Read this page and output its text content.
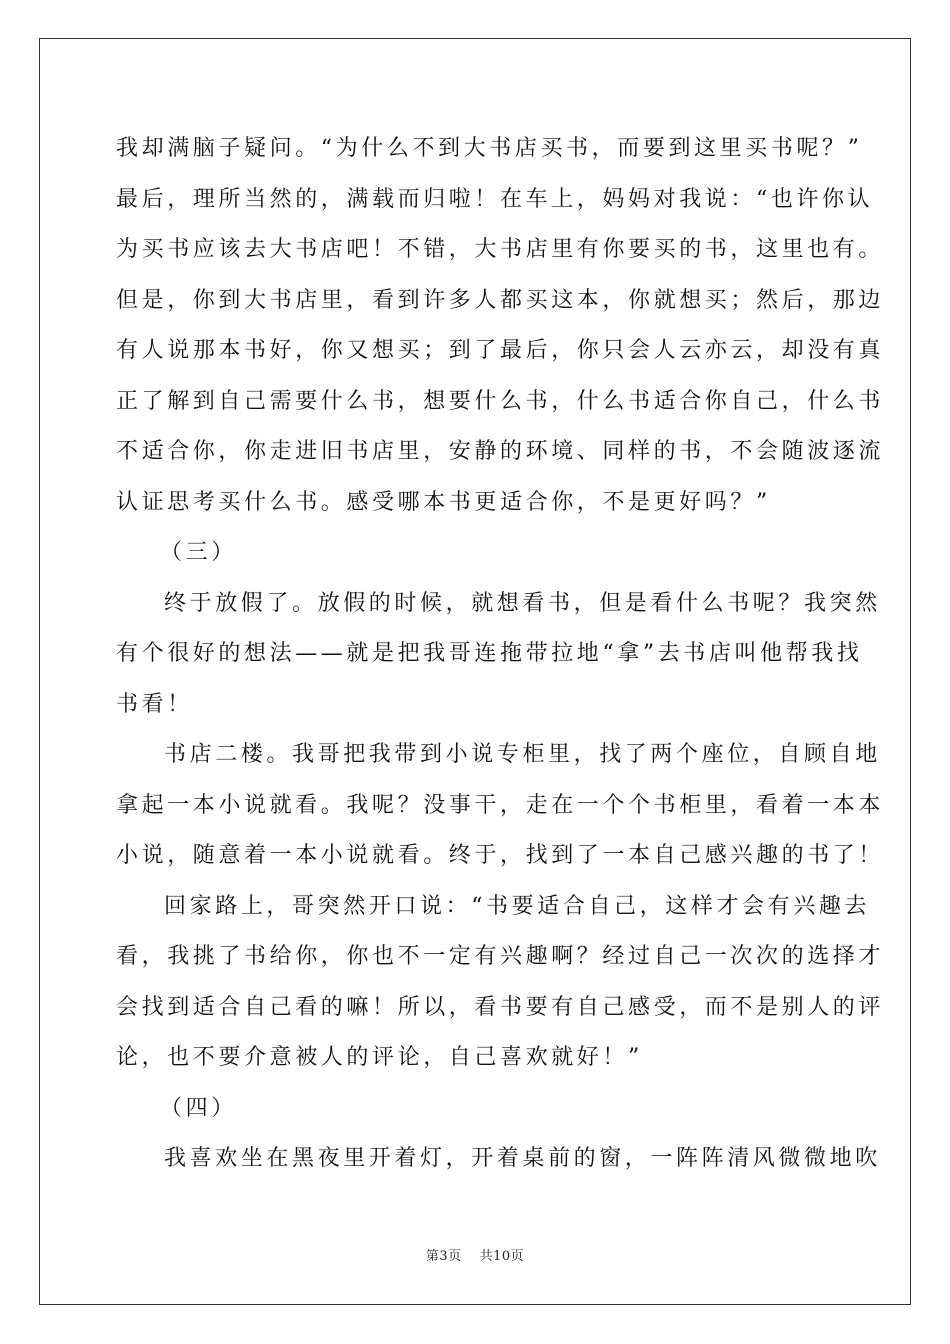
我却满脑子疑问。“为什么不到大书店买书，而要到这里买书呢？”
最后，理所当然的，满载而归啦！在车上，妈妈对我说：“也许你认
为买书应该去大书店吧！不错，大书店里有你要买的书，这里也有。
但是，你到大书店里，看到许多人都买这本，你就想买；然后，那边
有人说那本书好，你又想买；到了最后，你只会人云亦云，却没有真
正了解到自己需要什么书，想要什么书，什么书适合你自己，什么书
不适合你，你走进旧书店里，安静的环境、同样的书，不会随波逐流
认证思考买什么书。感受哪本书更适合你，不是更好吗？”
（三）
终于放假了。放假的时候，就想看书，但是看什么书呢？我突然
有个很好的想法——就是把我哥连拖带拉地“拿”去书店叫他帮我找
书看！
书店二楼。我哥把我带到小说专柜里，找了两个座位，自顾自地
拿起一本小说就看。我呢？没事干，走在一个个书柜里，看着一本本
小说，随意着一本小说就看。终于，找到了一本自己感兴趣的书了！
回家路上，哥突然开口说：“书要适合自己，这样才会有兴趣去
看，我挑了书给你，你也不一定有兴趣啊？经过自己一次次的选择才
会找到适合自己看的嘛！所以，看书要有自己感受，而不是别人的评
论，也不要介意被人的评论，自己喜欢就好！”
（四）
我喜欢坐在黑夜里开着灯，开着桌前的窗，一阵阵清风微微地吹
第3页 共10页
